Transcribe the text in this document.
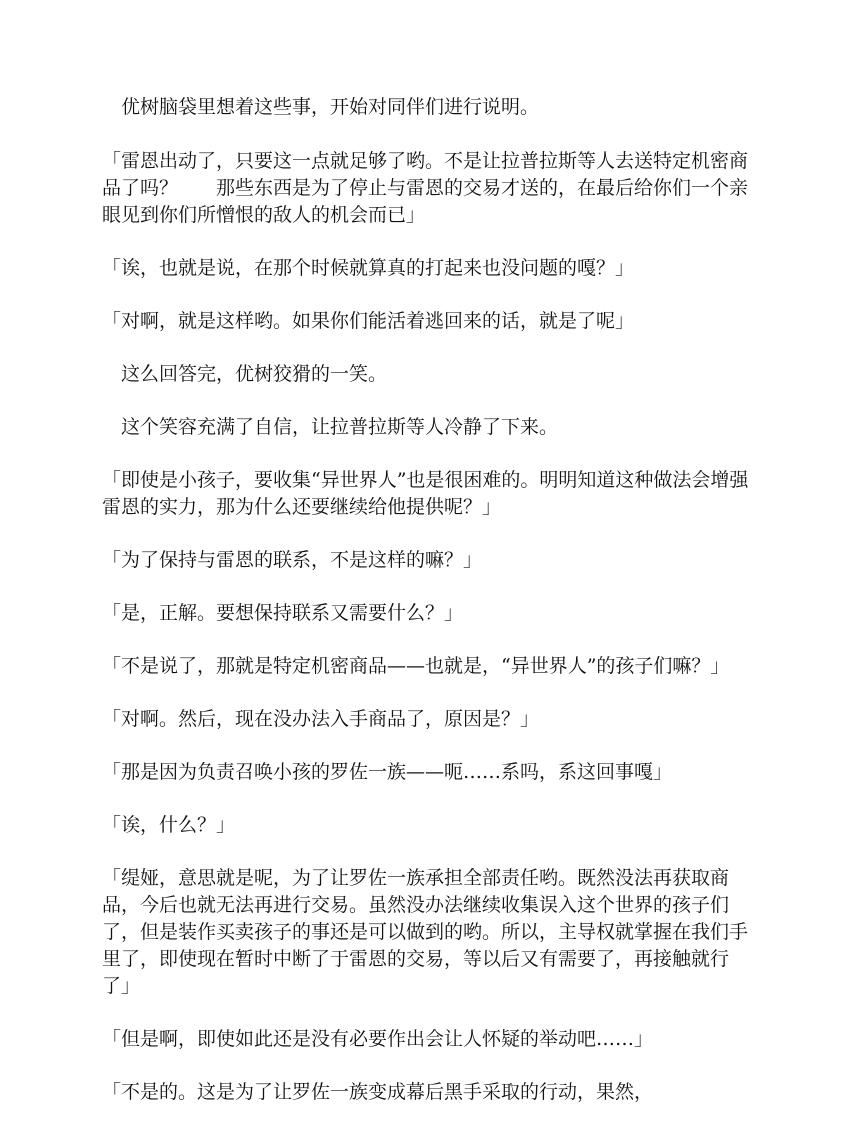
优树脑袋里想着这些事，开始对同伴们进行说明。

「雷恩出动了，只要这一点就足够了哟。不是让拉普拉斯等人去送特定机密商品了吗？　　那些东西是为了停止与雷恩的交易才送的，在最后给你们一个亲眼见到你们所憎恨的敌人的机会而已」

「诶，也就是说，在那个时候就算真的打起来也没问题的嘎？」

「对啊，就是这样哟。如果你们能活着逃回来的话，就是了呢」

这么回答完，优树狡猾的一笑。

这个笑容充满了自信，让拉普拉斯等人冷静了下来。

「即使是小孩子，要收集“异世界人”也是很困难的。明明知道这种做法会增强雷恩的实力，那为什么还要继续给他提供呢？」

「为了保持与雷恩的联系，不是这样的嘛？」

「是，正解。要想保持联系又需要什么？」

「不是说了，那就是特定机密商品——也就是，“异世界人”的孩子们嘛？」

「对啊。然后，现在没办法入手商品了，原因是？」

「那是因为负责召唤小孩的罗佐一族——呃……系吗，系这回事嘎」

「诶，什么？」

「缇娅，意思就是呢，为了让罗佐一族承担全部责任哟。既然没法再获取商品，今后也就无法再进行交易。虽然没办法继续收集误入这个世界的孩子们了，但是装作买卖孩子的事还是可以做到的哟。所以，主导权就掌握在我们手里了，即使现在暂时中断了于雷恩的交易，等以后又有需要了，再接触就行了」

「但是啊，即使如此还是没有必要作出会让人怀疑的举动吧……」

「不是的。这是为了让罗佐一族变成幕后黑手采取的行动，果然，
